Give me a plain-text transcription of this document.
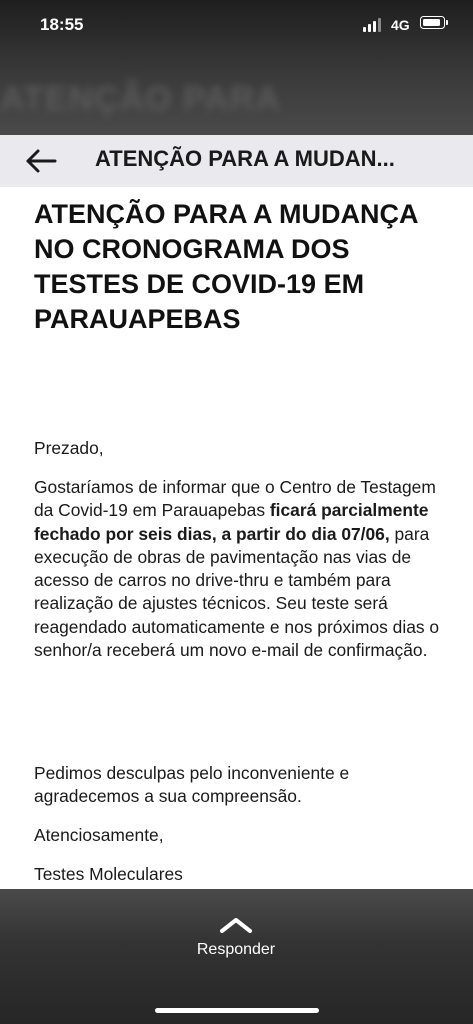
ATENÇÃO PARA
18:55	4G
ATENÇÃO PARA A MUDAN...
ATENÇÃO PARA A MUDANÇA NO CRONOGRAMA DOS TESTES DE COVID-19 EM PARAUAPEBAS
Prezado,
Gostaríamos de informar que o Centro de Testagem da Covid-19 em Parauapebas ficará parcialmente fechado por seis dias, a partir do dia 07/06, para execução de obras de pavimentação nas vias de acesso de carros no drive-thru e também para realização de ajustes técnicos. Seu teste será reagendado automaticamente e nos próximos dias o senhor/a receberá um novo e-mail de confirmação.
Pedimos desculpas pelo inconveniente e agradecemos a sua compreensão.
Atenciosamente,
Testes Moleculares
Responder
